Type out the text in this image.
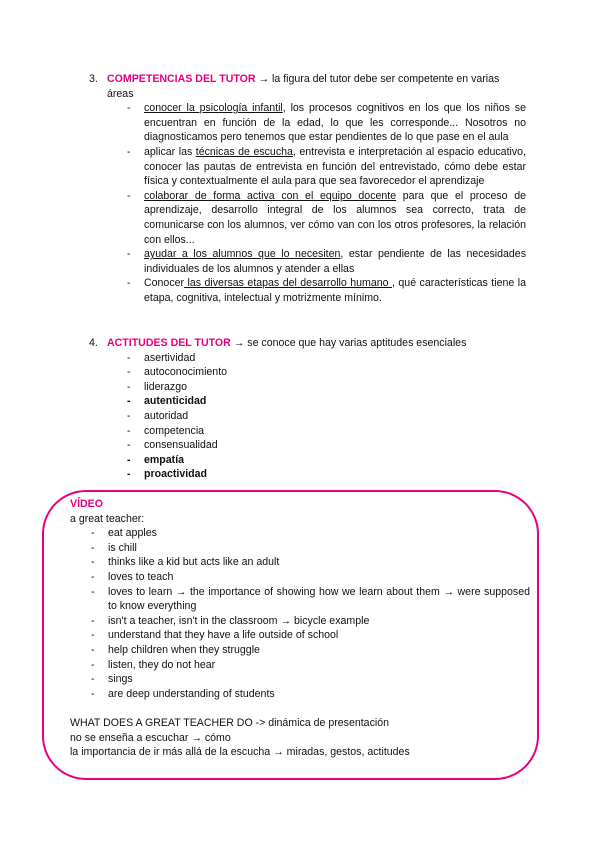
3. COMPETENCIAS DEL TUTOR → la figura del tutor debe ser competente en varias
áreas
- conocer la psicología infantil, los procesos cognitivos en los que los niños se encuentran en función de la edad, lo que les corresponde... Nosotros no diagnosticamos pero tenemos que estar pendientes de lo que pase en el aula
- aplicar las técnicas de escucha, entrevista e interpretación al espacio educativo, conocer las pautas de entrevista en función del entrevistado, cómo debe estar física y contextualmente el aula para que sea favorecedor el aprendizaje
- colaborar de forma activa con el equipo docente para que el proceso de aprendizaje, desarrollo integral de los alumnos sea correcto, trata de comunicarse con los alumnos, ver cómo van con los otros profesores, la relación con ellos...
- ayudar a los alumnos que lo necesiten, estar pendiente de las necesidades individuales de los alumnos y atender a ellas
- Conocer las diversas etapas del desarrollo humano , qué características tiene la etapa, cognitiva, intelectual y motrizmente mínimo.
4. ACTITUDES DEL TUTOR → se conoce que hay varias aptitudes esenciales
- asertividad
- autoconocimiento
- liderazgo
- autenticidad
- autoridad
- competencia
- consensualidad
- empatía
- proactividad
VÍDEO
a great teacher:
- eat apples
- is chill
- thinks like a kid but acts like an adult
- loves to teach
- loves to learn → the importance of showing how we learn about them → were supposed to know everything
- isn't a teacher, isn't in the classroom → bicycle example
- understand that they have a life outside of school
- help children when they struggle
- listen, they do not hear
- sings
- are deep understanding of students
WHAT DOES A GREAT TEACHER DO -> dinámica de presentación
no se enseña a escuchar → cómo
la importancia de ir más allá de la escucha → miradas, gestos, actitudes
